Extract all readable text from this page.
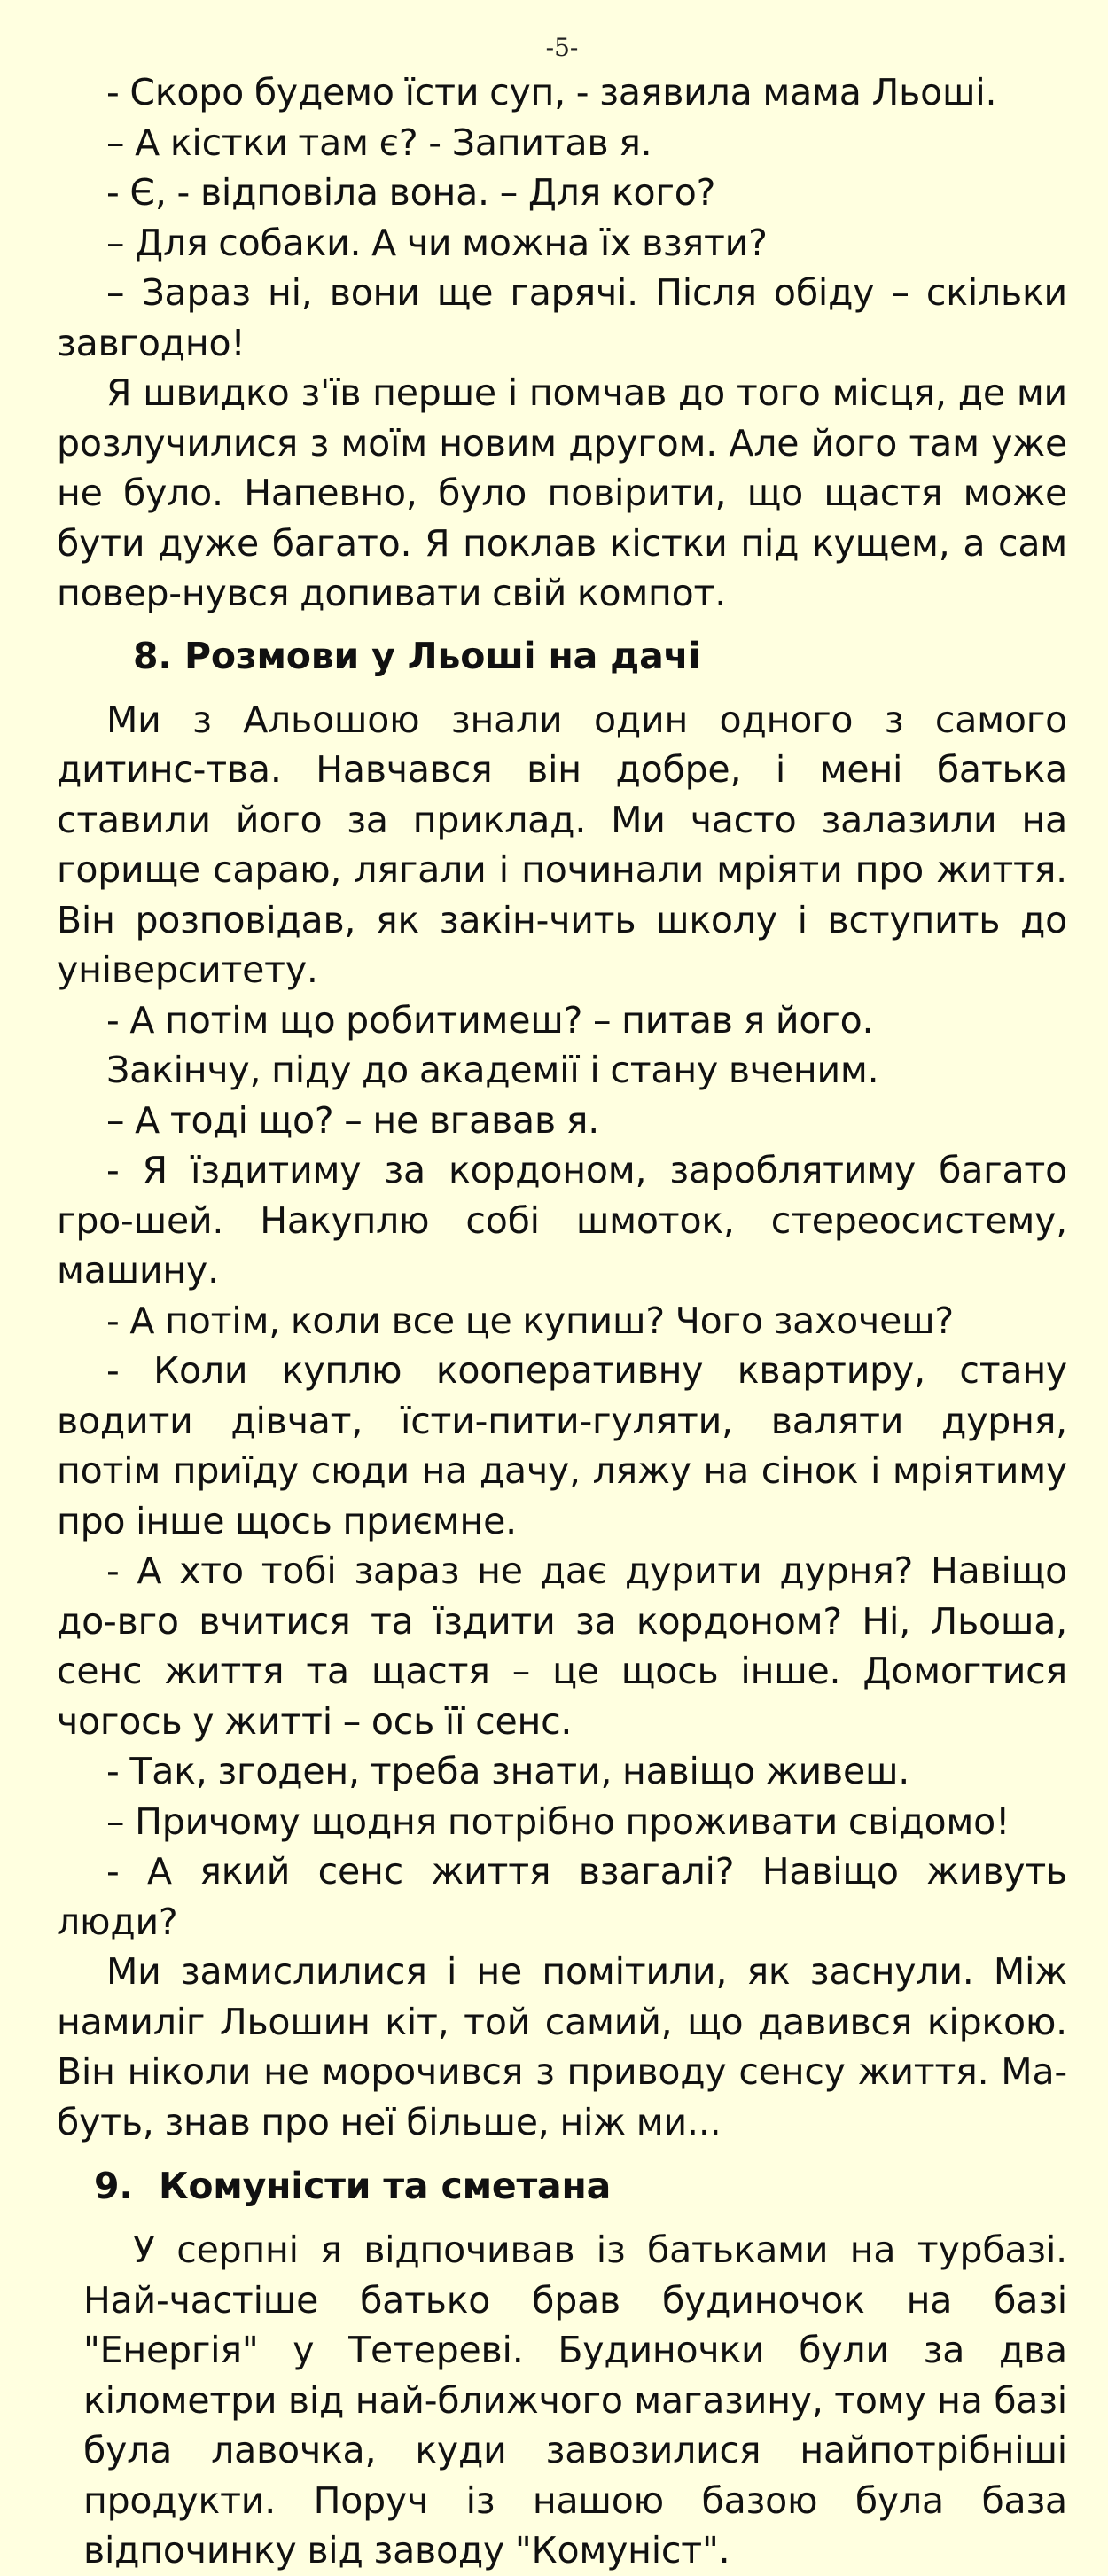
-5-

- Скоро будемо їсти суп, - заявила мама Льоші.

– А кістки там є? - Запитав я.

- Є, - відповіла вона. – Для кого?

– Для собаки. А чи можна їх взяти?

– Зараз ні, вони ще гарячі. Після обіду – скільки завгодно!

Я швидко з'їв перше і помчав до того місця, де ми розлучилися з моїм новим другом. Але його там уже не було. Напевно, було повірити, що щастя може бути дуже багато. Я поклав кістки під кущем, а сам повер-нувся допивати свій компот.

8. Розмови у Льоші на дачі

Ми з Альошою знали один одного з самого дитинс-тва. Навчався він добре, і мені батька ставили його за приклад. Ми часто залазили на горище сараю, лягали і починали мріяти про життя. Він розповідав, як закін-чить школу і вступить до університету.

- А потім що робитимеш? – питав я його.

Закінчу, піду до академії і стану вченим.

– А тоді що? – не вгавав я.

- Я їздитиму за кордоном, зароблятиму багато гро-шей. Накуплю собі шмоток, стереосистему, машину.

- А потім, коли все це купиш? Чого захочеш?

- Коли куплю кооперативну квартиру, стану водити дівчат, їсти-пити-гуляти, валяти дурня, потім приїду сюди на дачу, ляжу на сінок і мріятиму про інше щось приємне.

- А хто тобі зараз не дає дурити дурня? Навіщо до-вго вчитися та їздити за кордоном? Ні, Льоша, сенс життя та щастя – це щось інше. Домогтися чогось у житті – ось її сенс.

- Так, згоден, треба знати, навіщо живеш.

– Причому щодня потрібно проживати свідомо!

- А який сенс життя взагалі? Навіщо живуть люди?

Ми замислилися і не помітили, як заснули. Між намиліг Льошин кіт, той самий, що давився кіркою. Він ніколи не морочився з приводу сенсу життя. Ма-буть, знав про неї більше, ніж ми...

9. Комуністи та сметана

У серпні я відпочивав із батьками на турбазі. Най-частіше батько брав будиночок на базі "Енергія" у Тетереві. Будиночки були за два кілометри від най-ближчого магазину, тому на базі була лавочка, куди завозилися найпотрібніші продукти. Поруч із нашою базою була база відпочинку від заводу "Комуніст".
